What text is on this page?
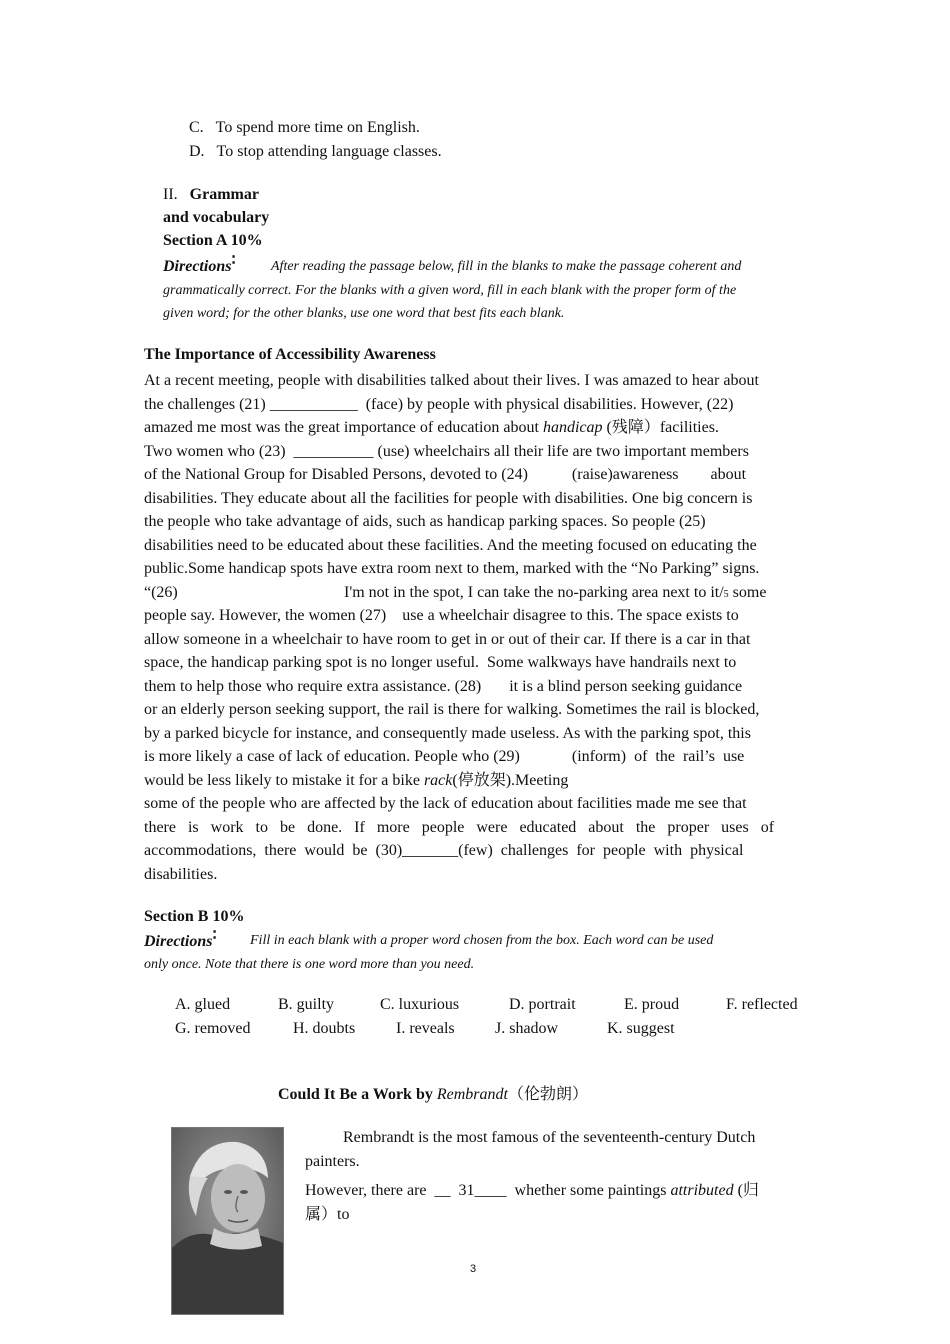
C.   To spend more time on English.
D.   To stop attending language classes.
II. Grammar
and vocabulary
Section A 10%
Directions∶	After reading the passage below, fill in the blanks to make the passage coherent and
grammatically correct. For the blanks with a given word, fill in each blank with the proper form of the
given word; for the other blanks, use one word that best fits each blank.
The Importance of Accessibility Awareness
At a recent meeting, people with disabilities talked about their lives. I was amazed to hear about
the challenges (21) ___________  (face) by people with physical disabilities. However, (22)
amazed me most was the great importance of education about handicap (残障）facilities.
Two women who (23)  __________ (use) wheelchairs all their life are two important members
of the National Group for Disabled Persons, devoted to (24)           (raise)awareness        about
disabilities. They educate about all the facilities for people with disabilities. One big concern is
the people who take advantage of aids, such as handicap parking spaces. So people (25)
disabilities need to be educated about these facilities. And the meeting focused on educating the
public.Some handicap spots have extra room next to them, marked with the “No Parking” signs.
“(26)	I'm not in the spot, I can take the no-parking area next to it/5 some
people say. However, the women (27)    use a wheelchair disagree to this. The space exists to
allow someone in a wheelchair to have room to get in or out of their car. If there is a car in that
space, the handicap parking spot is no longer useful.  Some walkways have handrails next to
them to help those who require extra assistance. (28)       it is a blind person seeking guidance
or an elderly person seeking support, the rail is there for walking. Sometimes the rail is blocked,
by a parked bicycle for instance, and consequently made useless. As with the parking spot, this
is more likely a case of lack of education. People who (29)             (inform)  of  the  rail’s  use
would be less likely to mistake it for a bike rack(停放架).Meeting
some of the people who are affected by the lack of education about facilities made me see that
there   is   work   to   be   done.   If   more   people   were   educated   about   the   proper   uses   of
accommodations,  there  would  be  (30)_______(few)  challenges  for  people  with  physical
disabilities.
Section B 10%
Directions∶ Fill in each blank with a proper word chosen from the box. Each word can be used
only once. Note that there is one word more than you need.
A. glued	B. guilty	C. luxurious	D. portrait	E. proud	F. reflected
G. removed	H. doubts	I. reveals	J. shadow	K. suggest
Could It Be a Work by Rembrandt（伦勃朗）
Rembrandt is the most famous of the seventeenth-century Dutch
painters.
However, there are  __  31____  whether some paintings attributed (归
属）to
3
